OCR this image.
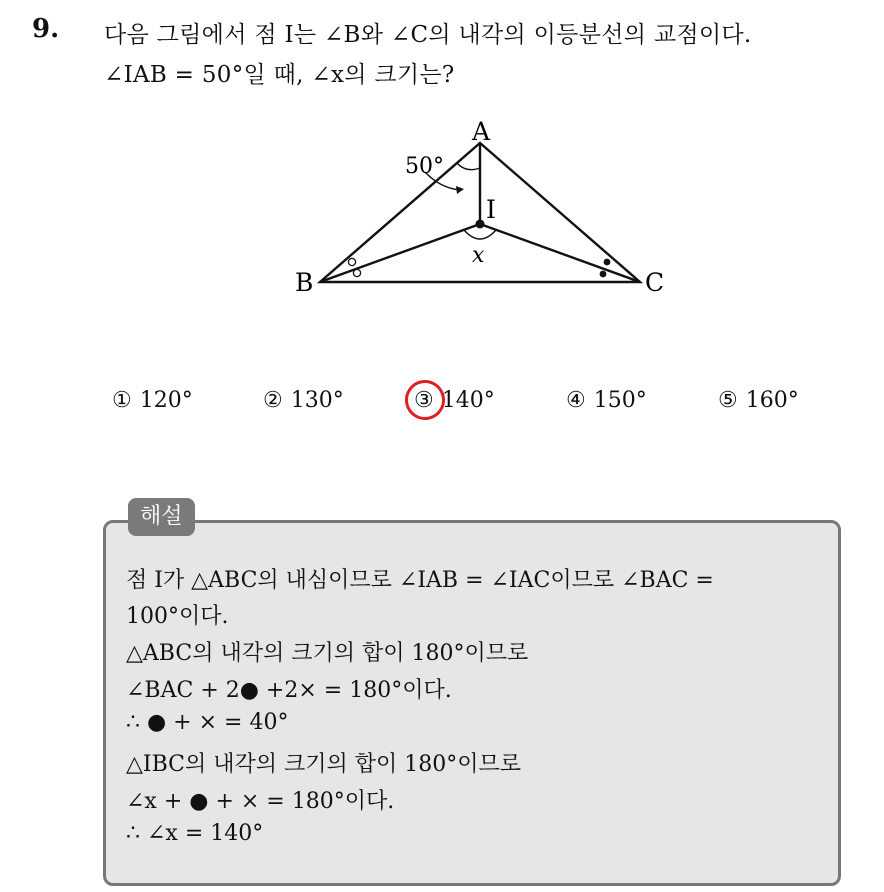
9. 다음 그림에서 점 I는 ∠B와 ∠C의 내각의 이등분선의 교점이다.
∠IAB = 50°일 때, ∠x의 크기는?
A
B	C
I
50°
x
① 120°	② 130°	③ 140°	④ 150°	⑤ 160°
해설
점 I가 △ABC의 내심이므로 ∠IAB = ∠IAC이므로 ∠BAC =
100°이다.
△ABC의 내각의 크기의 합이 180°이므로
∠BAC + 2● +2× = 180°이다.
∴ ● + × = 40°
△IBC의 내각의 크기의 합이 180°이므로
∠x + ● + × = 180°이다.
∴ ∠x = 140°
